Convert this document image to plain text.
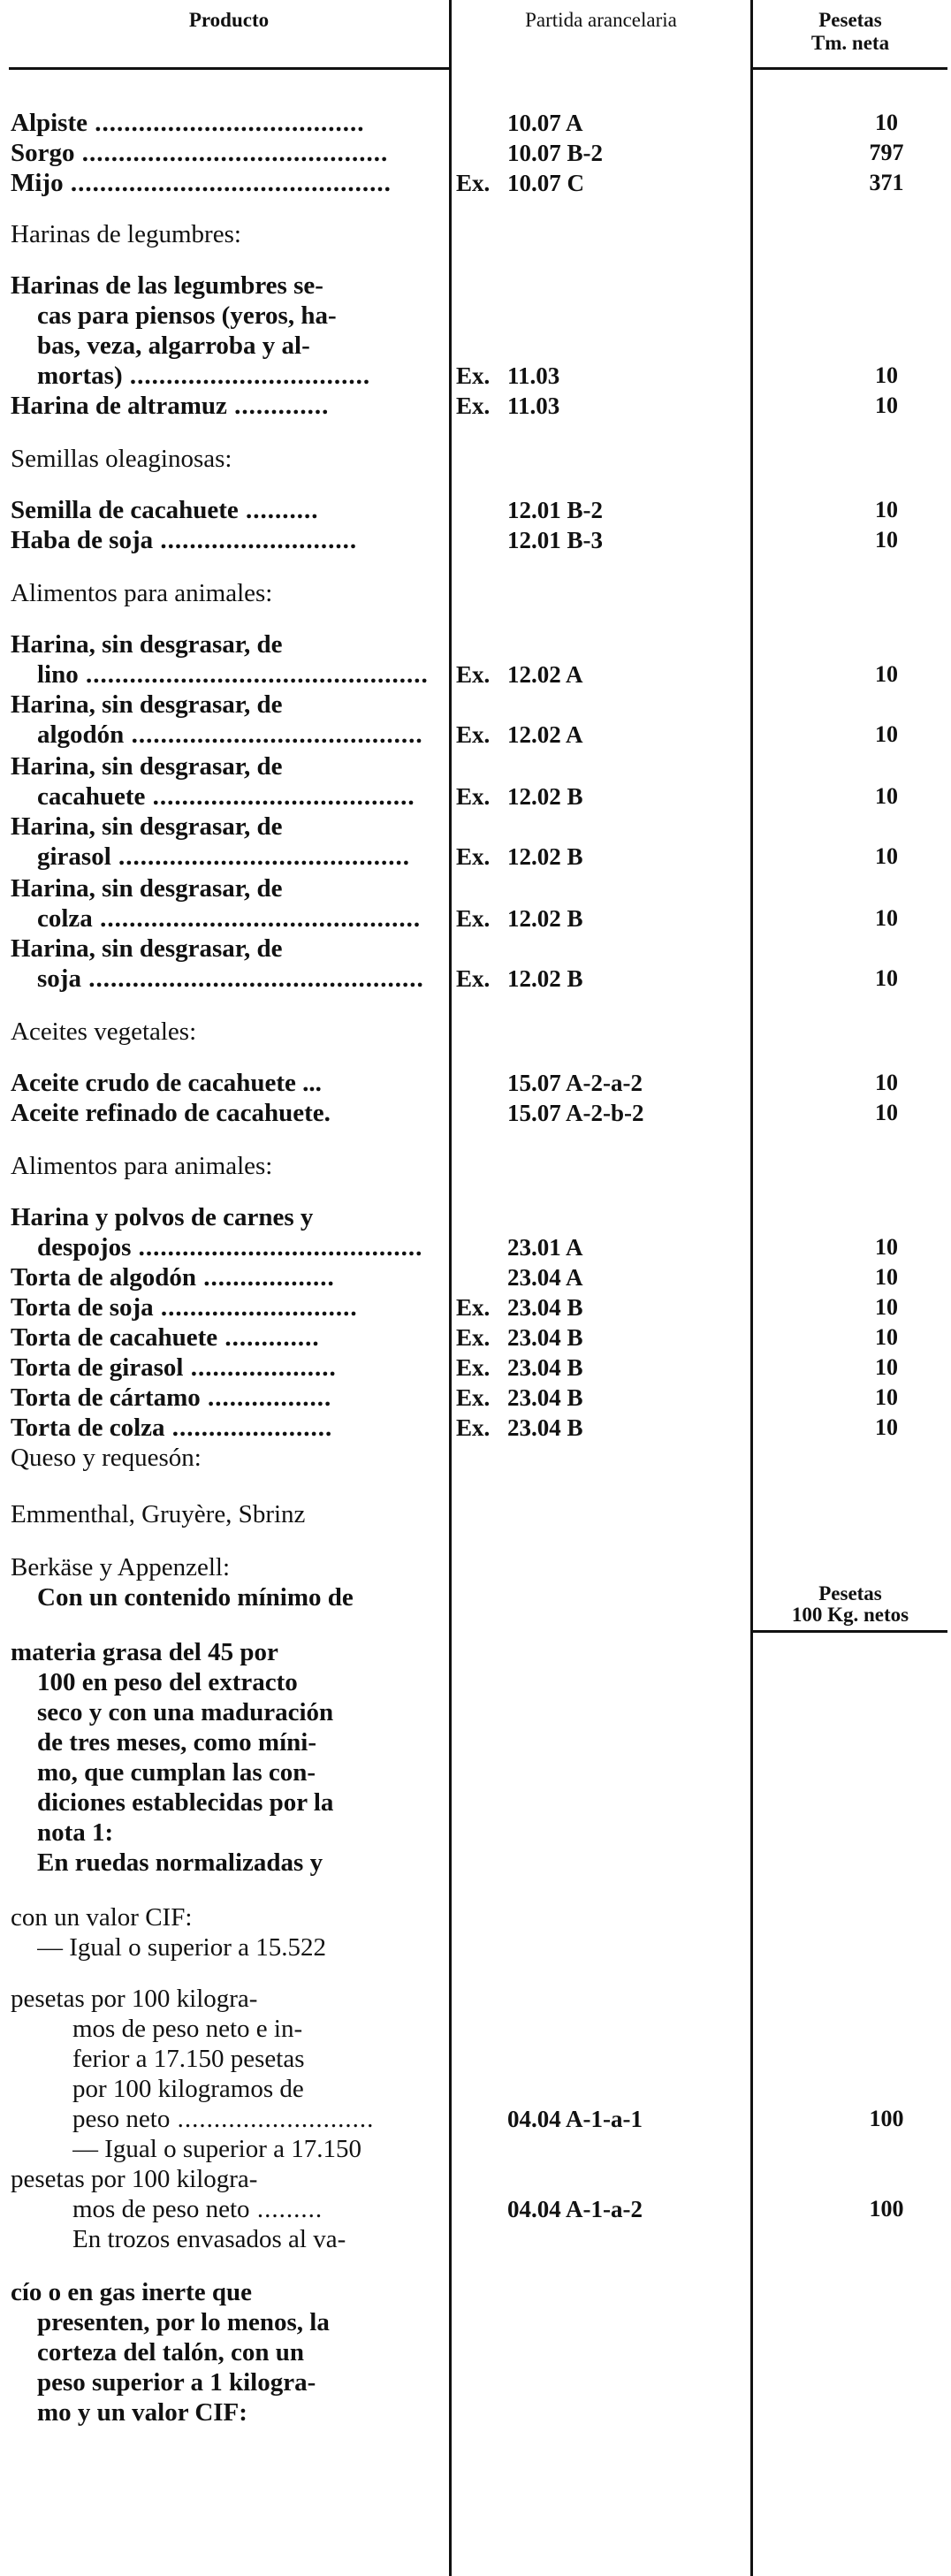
Producto	Partida arancelaria	Pesetas
Tm. neta
Pesetas
100 Kg. netos
Alpiste .....................................	10.07 A	10
Sorgo ..........................................	10.07 B-2	797
Mijo ............................................	Ex. 10.07 C	371
Harinas de legumbres:
Harinas de las legumbres se-
cas para piensos (yeros, ha-
bas, veza, algarroba y al-
mortas) .................................	Ex. 11.03	10
Harina de altramuz .............	Ex. 11.03	10
Semillas oleaginosas:
Semilla de cacahuete ..........	12.01 B-2	10
Haba de soja ...........................	12.01 B-3	10
Alimentos para animales:
Harina, sin desgrasar, de
lino ...............................................	Ex. 12.02 A	10
Harina, sin desgrasar, de
algodón ........................................	Ex. 12.02 A	10
Harina, sin desgrasar, de
cacahuete ....................................	Ex. 12.02 B	10
Harina, sin desgrasar, de
girasol ........................................	Ex. 12.02 B	10
Harina, sin desgrasar, de
colza ............................................	Ex. 12.02 B	10
Harina, sin desgrasar, de
soja ..............................................	Ex. 12.02 B	10
Aceites vegetales:
Aceite crudo de cacahuete ...	15.07 A-2-a-2	10
Aceite refinado de cacahuete.	15.07 A-2-b-2	10
Alimentos para animales:
Harina y polvos de carnes y
despojos .......................................	23.01 A	10
Torta de algodón ..................	23.04 A	10
Torta de soja ...........................	Ex. 23.04 B	10
Torta de cacahuete .............	Ex. 23.04 B	10
Torta de girasol ....................	Ex. 23.04 B	10
Torta de cártamo .................	Ex. 23.04 B	10
Torta de colza ......................	Ex. 23.04 B	10
Queso y requesón:
Emmenthal, Gruyère, Sbrinz
Berkäse y Appenzell:
Con un contenido mínimo de
materia grasa del 45 por
100 en peso del extracto
seco y con una maduración
de tres meses, como míni-
mo, que cumplan las con-
diciones establecidas por la
nota 1:
En ruedas normalizadas y
con un valor CIF:
— Igual o superior a 15.522
pesetas por 100 kilogra-
mos de peso neto e in-
ferior a 17.150 pesetas
por 100 kilogramos de
peso neto ...........................	04.04 A-1-a-1	100
— Igual o superior a 17.150
pesetas por 100 kilogra-
mos de peso neto .........	04.04 A-1-a-2	100
En trozos envasados al va-
cío o en gas inerte que
presenten, por lo menos, la
corteza del talón, con un
peso superior a 1 kilogra-
mo y un valor CIF:
